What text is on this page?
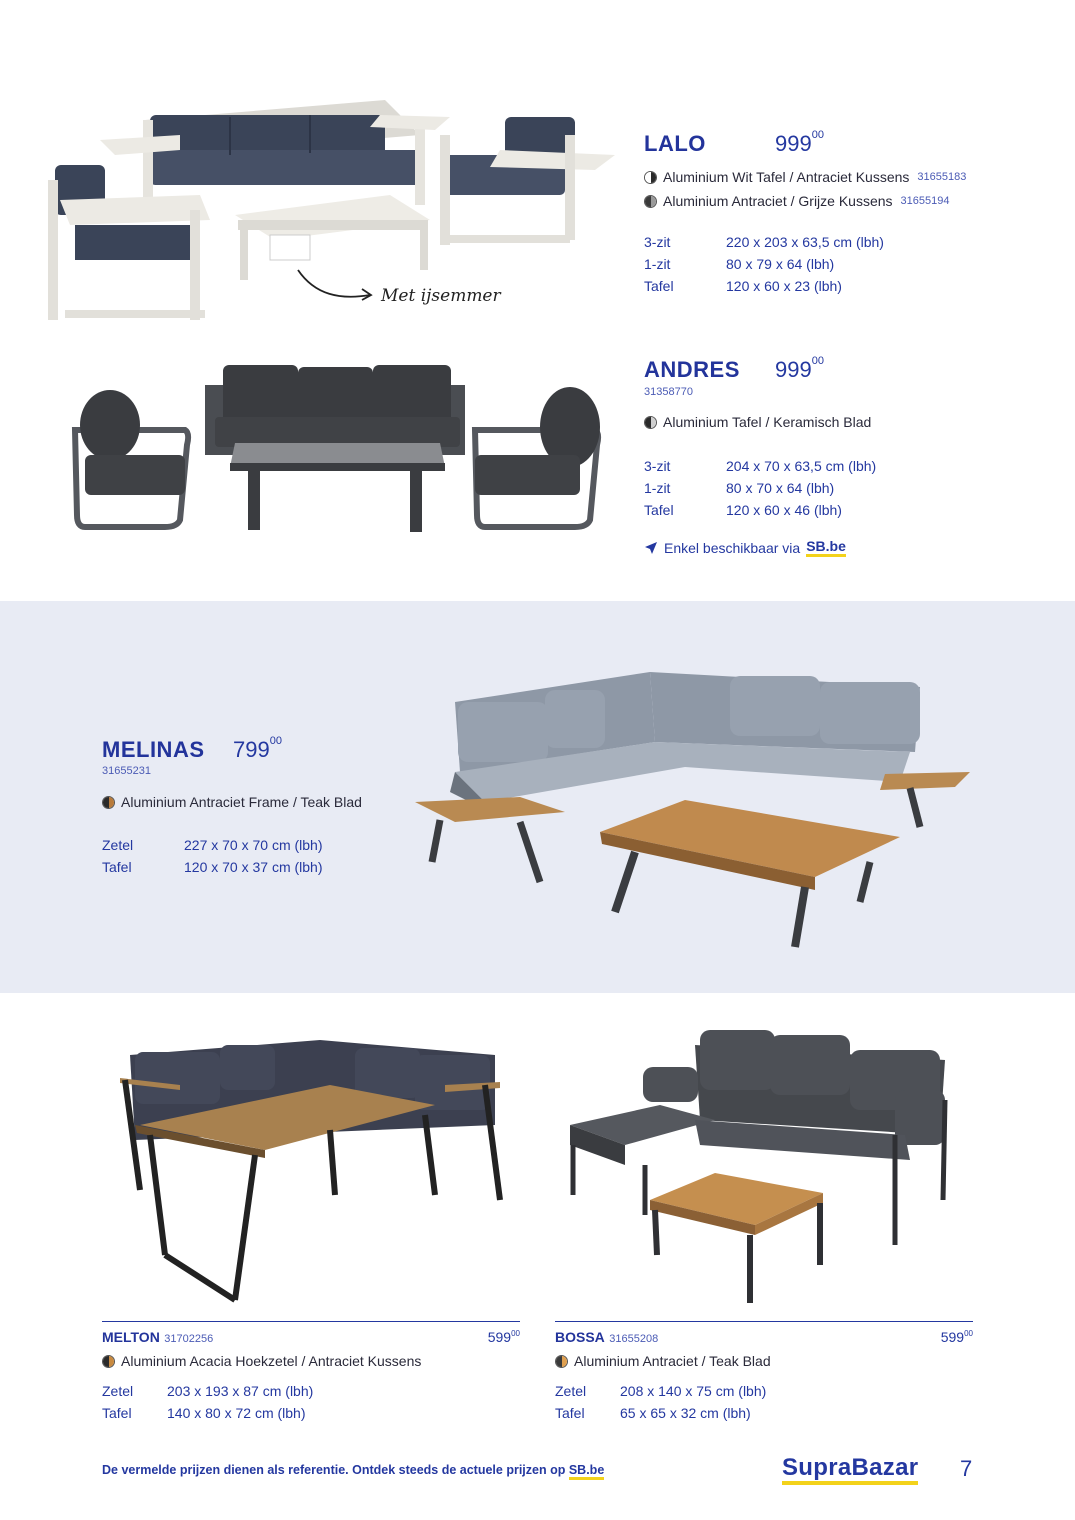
Met ijsemmer
LALO	$999^{00}$
Aluminium Wit Tafel / Antraciet Kussens 31655183
Aluminium Antraciet / Grijze Kussens 31655194
3-zit	220 x 203 x 63,5 cm (lbh)
1-zit	80 x 79 x 64 (lbh)
Tafel	120 x 60 x 23 (lbh)
ANDRES $999^{00}$
31358770
Aluminium Tafel / Keramisch Blad
3-zit	204 x 70 x 63,5 cm (lbh)
1-zit	80 x 70 x 64 (lbh)
Tafel	120 x 60 x 46 (lbh)
Enkel beschikbaar via SB.be
MELINAS $799^{00}$
31655231
Aluminium Antraciet Frame / Teak Blad
Zetel	227 x 70 x 70 cm (lbh)
Tafel	120 x 70 x 37 cm (lbh)
MELTON 31702256	$599^{00}$
Aluminium Acacia Hoekzetel / Antraciet Kussens
Zetel	203 x 193 x 87 cm (lbh)
Tafel	140 x 80 x 72 cm (lbh)
BOSSA 31655208	$599^{00}$
Aluminium Antraciet / Teak Blad
Zetel	208 x 140 x 75 cm (lbh)
Tafel	65 x 65 x 32 cm (lbh)
De vermelde prijzen dienen als referentie. Ontdek steeds de actuele prijzen op SB.be	SupraBazar 7
